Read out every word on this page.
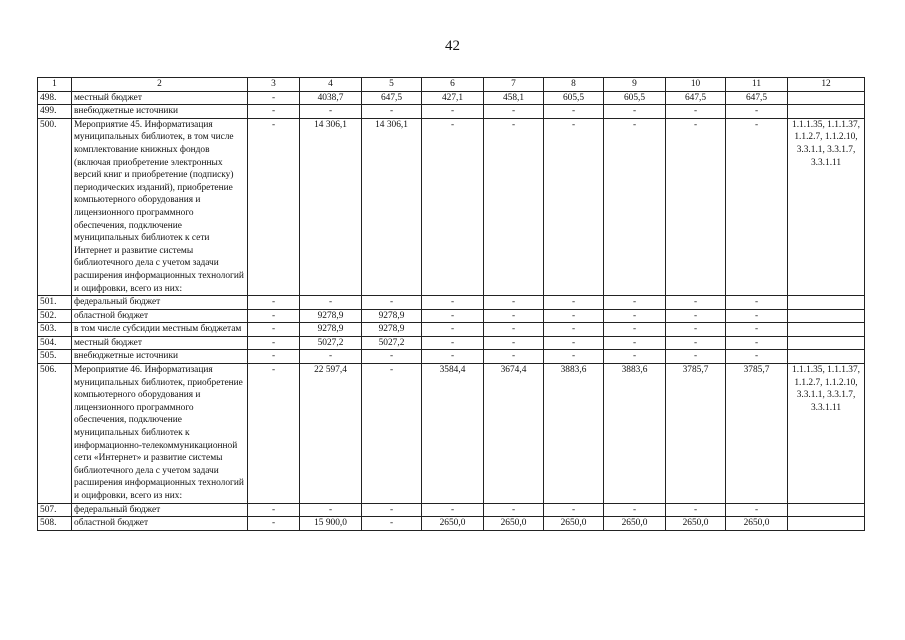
42
1	2	3	4	5	6	7	8	9	10	11	12
498.	местный бюджет	-	4038,7	647,5	427,1	458,1	605,5	605,5	647,5	647,5	
499.	внебюджетные источники	-	-	-	-	-	-	-	-	-	
500.	Мероприятие 45. Информатизация муниципальных библиотек, в том числе комплектование книжных фондов (включая приобретение электронных версий книг и приобретение (подписку) периодических изданий), приобретение компьютерного оборудования и лицензионного программного обеспечения, подключение муниципальных библиотек к сети Интернет и развитие системы библиотечного дела с учетом задачи расширения информационных технологий и оцифровки, всего из них:	-	14 306,1	14 306,1	-	-	-	-	-	-	1.1.1.35, 1.1.1.37, 1.1.2.7, 1.1.2.10, 3.3.1.1, 3.3.1.7, 3.3.1.11
501.	федеральный бюджет	-	-	-	-	-	-	-	-	-	
502.	областной бюджет	-	9278,9	9278,9	-	-	-	-	-	-	
503.	в том числе субсидии местным бюджетам	-	9278,9	9278,9	-	-	-	-	-	-	
504.	местный бюджет	-	5027,2	5027,2	-	-	-	-	-	-	
505.	внебюджетные источники	-	-	-	-	-	-	-	-	-	
506.	Мероприятие 46. Информатизация муниципальных библиотек, приобретение компьютерного оборудования и лицензионного программного обеспечения, подключение муниципальных библиотек к информационно-телекоммуникационной сети «Интернет» и развитие системы библиотечного дела с учетом задачи расширения информационных технологий и оцифровки, всего из них:	-	22 597,4	-	3584,4	3674,4	3883,6	3883,6	3785,7	3785,7	1.1.1.35, 1.1.1.37, 1.1.2.7, 1.1.2.10, 3.3.1.1, 3.3.1.7, 3.3.1.11
507.	федеральный бюджет	-	-	-	-	-	-	-	-	-	
508.	областной бюджет	-	15 900,0	-	2650,0	2650,0	2650,0	2650,0	2650,0	2650,0	
